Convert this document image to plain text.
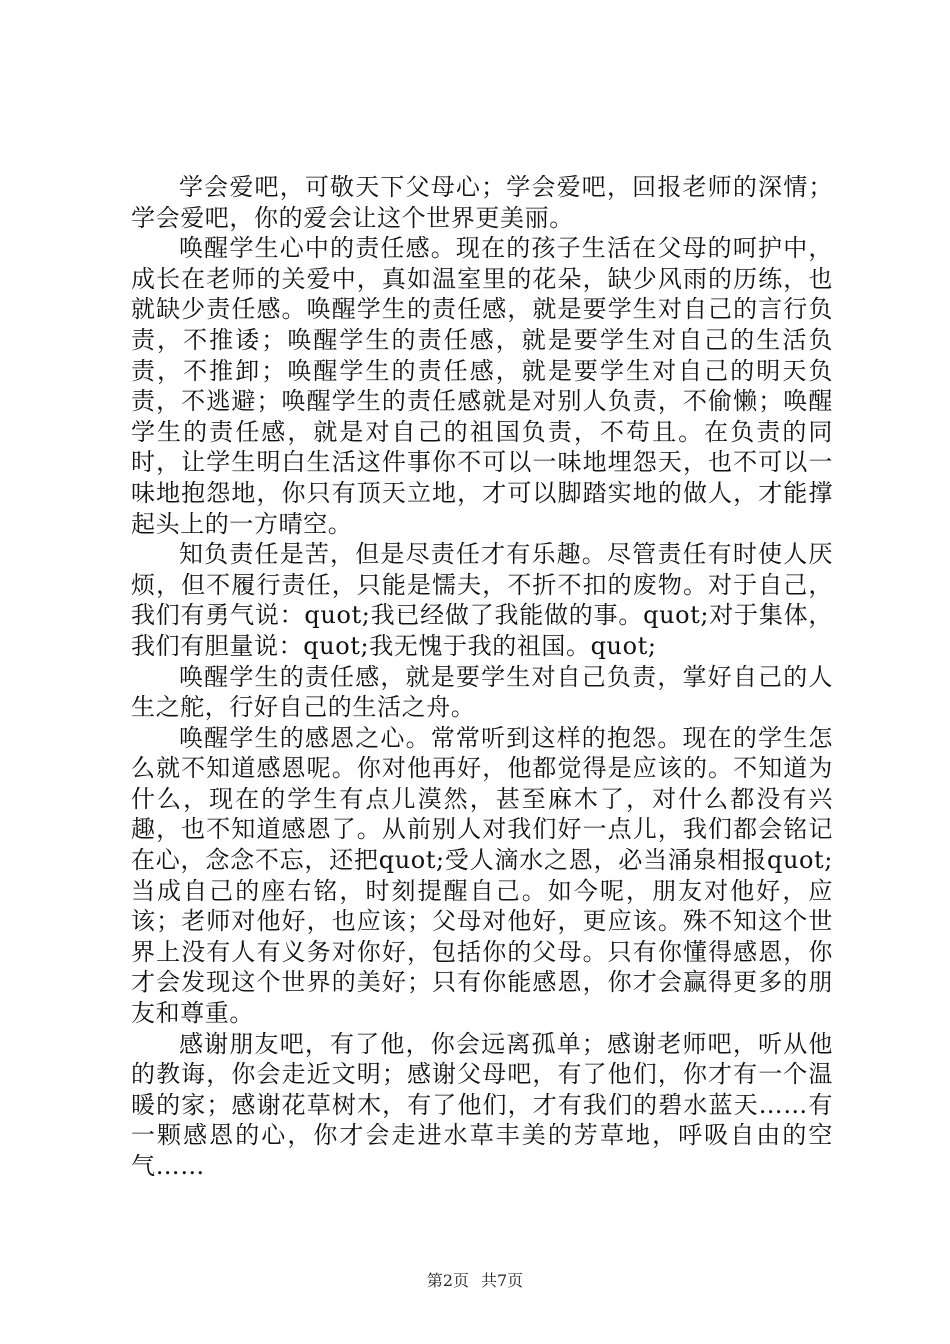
学会爱吧，可敬天下父母心；学会爱吧，回报老师的深情；学会爱吧，你的爱会让这个世界更美丽。

唤醒学生心中的责任感。现在的孩子生活在父母的呵护中，成长在老师的关爱中，真如温室里的花朵，缺少风雨的历练，也就缺少责任感。唤醒学生的责任感，就是要学生对自己的言行负责，不推诿；唤醒学生的责任感，就是要学生对自己的生活负责，不推卸；唤醒学生的责任感，就是要学生对自己的明天负责，不逃避；唤醒学生的责任感就是对别人负责，不偷懒；唤醒学生的责任感，就是对自己的祖国负责，不苟且。在负责的同时，让学生明白生活这件事你不可以一味地埋怨天，也不可以一味地抱怨地，你只有顶天立地，才可以脚踏实地的做人，才能撑起头上的一方晴空。

知负责任是苦，但是尽责任才有乐趣。尽管责任有时使人厌烦，但不履行责任，只能是懦夫，不折不扣的废物。对于自己，我们有勇气说：quot;我已经做了我能做的事。quot;对于集体，我们有胆量说：quot;我无愧于我的祖国。quot;

唤醒学生的责任感，就是要学生对自己负责，掌好自己的人生之舵，行好自己的生活之舟。

唤醒学生的感恩之心。常常听到这样的抱怨。现在的学生怎么就不知道感恩呢。你对他再好，他都觉得是应该的。不知道为什么，现在的学生有点儿漠然，甚至麻木了，对什么都没有兴趣，也不知道感恩了。从前别人对我们好一点儿，我们都会铭记在心，念念不忘，还把quot;受人滴水之恩，必当涌泉相报quot;当成自己的座右铭，时刻提醒自己。如今呢，朋友对他好，应该；老师对他好，也应该；父母对他好，更应该。殊不知这个世界上没有人有义务对你好，包括你的父母。只有你懂得感恩，你才会发现这个世界的美好；只有你能感恩，你才会赢得更多的朋友和尊重。

感谢朋友吧，有了他，你会远离孤单；感谢老师吧，听从他的教诲，你会走近文明；感谢父母吧，有了他们，你才有一个温暖的家；感谢花草树木，有了他们，才有我们的碧水蓝天……有一颗感恩的心，你才会走进水草丰美的芳草地，呼吸自由的空气……

第2页 共7页
